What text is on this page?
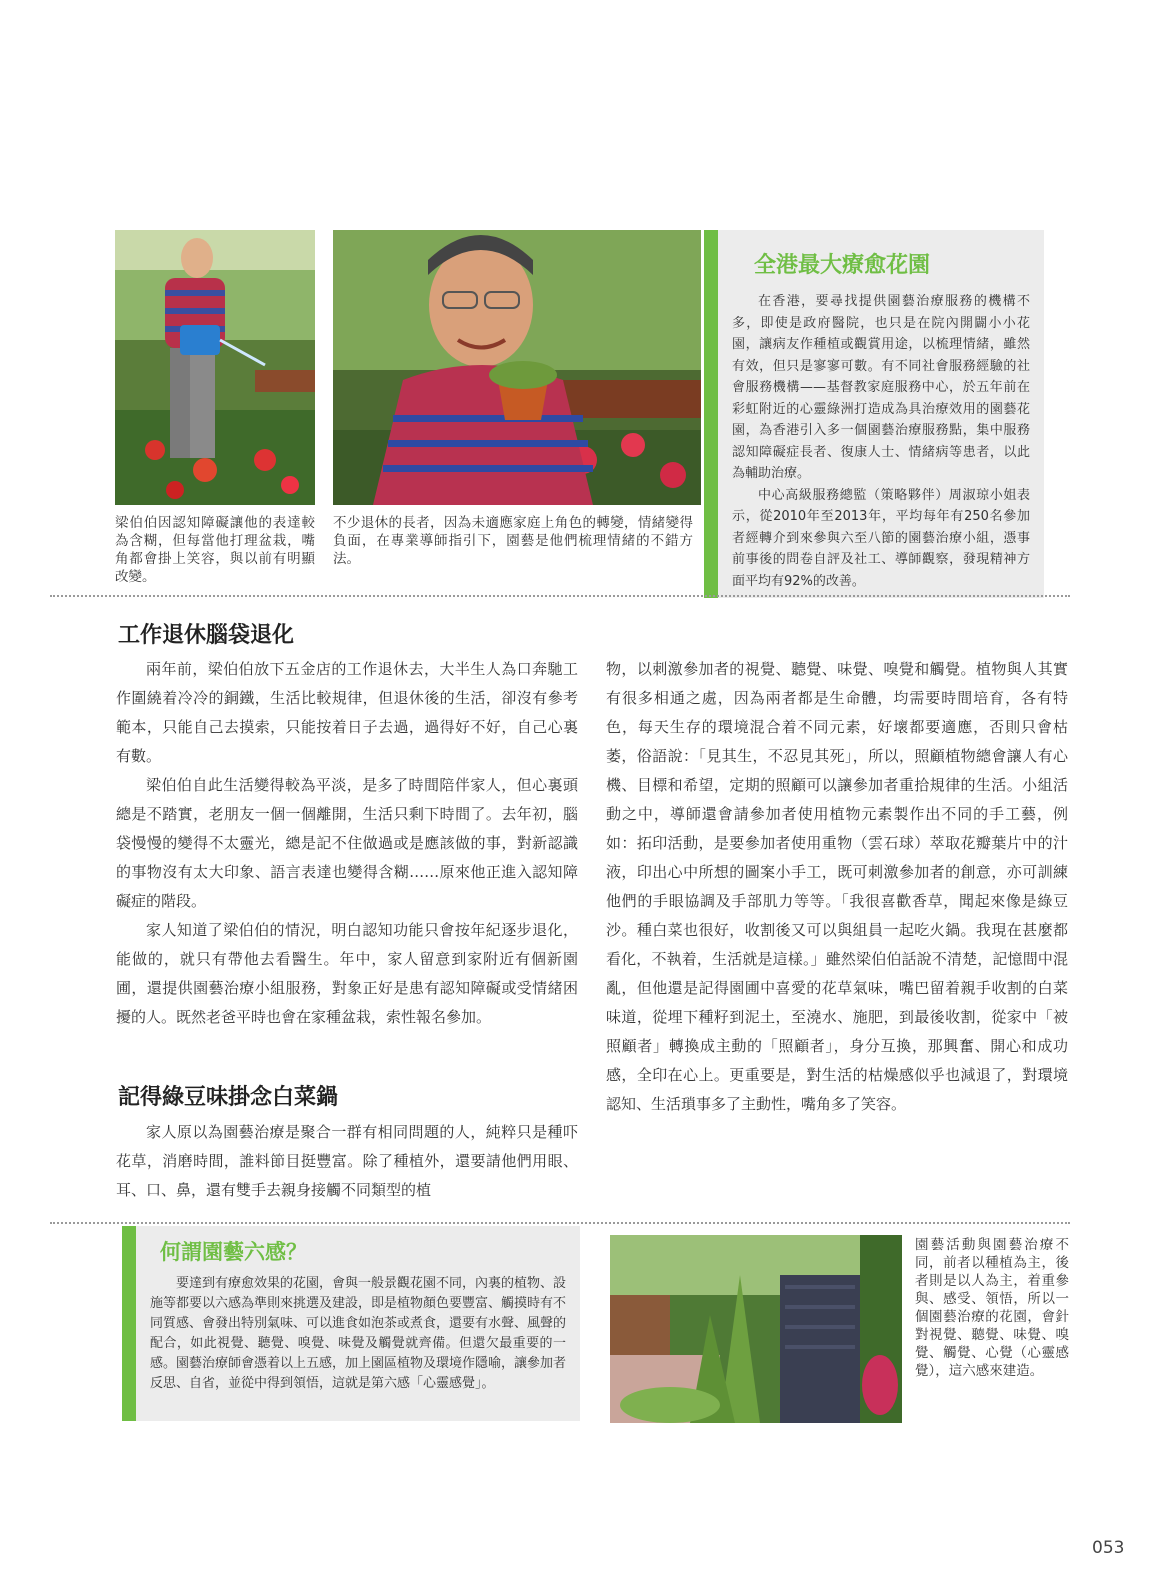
梁伯伯因認知障礙讓他的表達較為含糊，但每當他打理盆栽，嘴角都會掛上笑容，與以前有明顯改變。
不少退休的長者，因為未適應家庭上角色的轉變，情緒變得負面，在專業導師指引下，園藝是他們梳理情緒的不錯方法。
全港最大療愈花園

在香港，要尋找提供園藝治療服務的機構不多，即使是政府醫院，也只是在院內開闢小小花園，讓病友作種植或觀賞用途，以梳理情緒，雖然有效，但只是寥寥可數。有不同社會服務經驗的社會服務機構——基督教家庭服務中心，於五年前在彩虹附近的心靈綠洲打造成為具治療效用的園藝花園，為香港引入多一個園藝治療服務點，集中服務認知障礙症長者、復康人士、情緒病等患者，以此為輔助治療。

中心高級服務總監（策略夥伴）周淑琼小姐表示，從2010年至2013年，平均每年有250名參加者經轉介到來參與六至八節的園藝治療小組，憑事前事後的問卷自評及社工、導師觀察，發現精神方面平均有92%的改善。

工作退休腦袋退化

兩年前，梁伯伯放下五金店的工作退休去，大半生人為口奔馳工作圍繞着冷冷的銅鐵，生活比較規律，但退休後的生活，卻沒有參考範本，只能自己去摸索，只能按着日子去過，過得好不好，自己心裏有數。

梁伯伯自此生活變得較為平淡，是多了時間陪伴家人，但心裏頭總是不踏實，老朋友一個一個離開，生活只剩下時間了。去年初，腦袋慢慢的變得不太靈光，總是記不住做過或是應該做的事，對新認識的事物沒有太大印象、語言表達也變得含糊……原來他正進入認知障礙症的階段。

家人知道了梁伯伯的情況，明白認知功能只會按年紀逐步退化，能做的，就只有帶他去看醫生。年中，家人留意到家附近有個新園圃，還提供園藝治療小組服務，對象正好是患有認知障礙或受情緒困擾的人。既然老爸平時也會在家種盆栽，索性報名參加。

記得綠豆味掛念白菜鍋

家人原以為園藝治療是聚合一群有相同問題的人，純粹只是種吓花草，消磨時間，誰料節目挺豐富。除了種植外，還要請他們用眼、耳、口、鼻，還有雙手去親身接觸不同類型的植

物，以刺激參加者的視覺、聽覺、味覺、嗅覺和觸覺。植物與人其實有很多相通之處，因為兩者都是生命體，均需要時間培育，各有特色，每天生存的環境混合着不同元素，好壞都要適應，否則只會枯萎，俗語說：「見其生，不忍見其死」，所以，照顧植物總會讓人有心機、目標和希望，定期的照顧可以讓參加者重拾規律的生活。小組活動之中，導師還會請參加者使用植物元素製作出不同的手工藝，例如：拓印活動，是要參加者使用重物（雲石球）萃取花瓣葉片中的汁液，印出心中所想的圖案小手工，既可刺激參加者的創意，亦可訓練他們的手眼協調及手部肌力等等。「我很喜歡香草，聞起來像是綠豆沙。種白菜也很好，收割後又可以與組員一起吃火鍋。我現在甚麼都看化，不執着，生活就是這樣。」雖然梁伯伯話說不清楚，記憶間中混亂，但他還是記得園圃中喜愛的花草氣味，嘴巴留着親手收割的白菜味道，從埋下種籽到泥土，至澆水、施肥，到最後收割，從家中「被照顧者」轉換成主動的「照顧者」，身分互換，那興奮、開心和成功感，全印在心上。更重要是，對生活的枯燥感似乎也減退了，對環境認知、生活瑣事多了主動性，嘴角多了笑容。

何謂園藝六感？

要達到有療愈效果的花園，會與一般景觀花園不同，內裏的植物、設施等都要以六感為準則來挑選及建設，即是植物顏色要豐富、觸摸時有不同質感、會發出特別氣味、可以進食如泡茶或煮食，還要有水聲、風聲的配合，如此視覺、聽覺、嗅覺、味覺及觸覺就齊備。但還欠最重要的一感。園藝治療師會憑着以上五感，加上園區植物及環境作隱喻，讓參加者反思、自省，並從中得到領悟，這就是第六感「心靈感覺」。

園藝活動與園藝治療不同，前者以種植為主，後者則是以人為主，着重參與、感受、領悟，所以一個園藝治療的花園，會針對視覺、聽覺、味覺、嗅覺、觸覺、心覺（心靈感覺），這六感來建造。
053
